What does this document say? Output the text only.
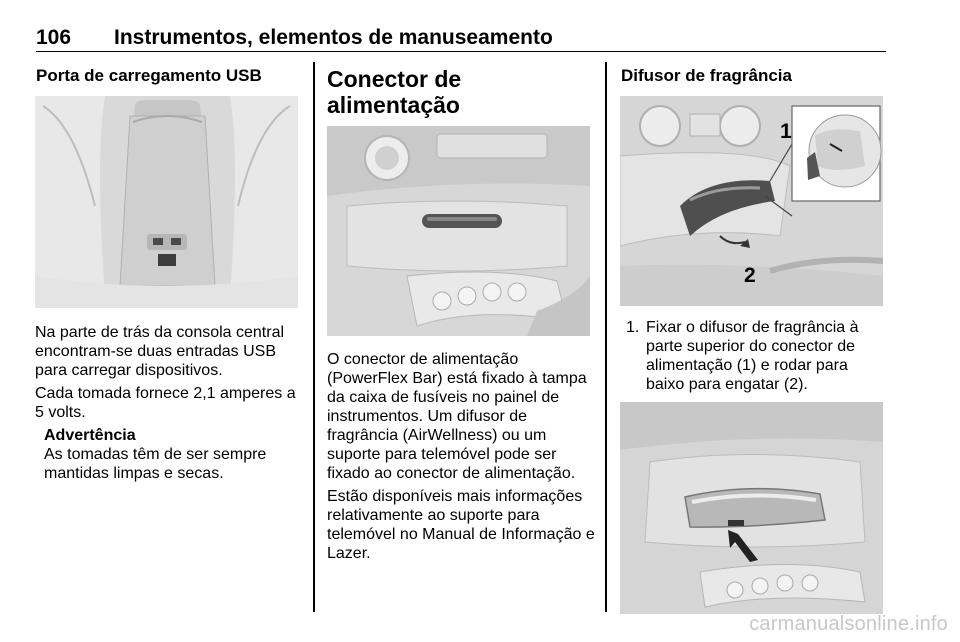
106 Instrumentos, elementos de manuseamento
Porta de carregamento USB
Na parte de trás da consola central encontram-se duas entradas USB para carregar dispositivos.
Cada tomada fornece 2,1 amperes a 5 volts.
Advertência
As tomadas têm de ser sempre mantidas limpas e secas.
Conector de alimentação
O conector de alimentação (PowerFlex Bar) está fixado à tampa da caixa de fusíveis no painel de instrumentos. Um difusor de fragrância (AirWellness) ou um suporte para telemóvel pode ser fixado ao conector de alimentação.
Estão disponíveis mais informações relativamente ao suporte para telemóvel no Manual de Informação e Lazer.
Difusor de fragrância
1
2
1. Fixar o difusor de fragrância à parte superior do conector de alimentação (1) e rodar para baixo para engatar (2).
carmanualsonline.info
